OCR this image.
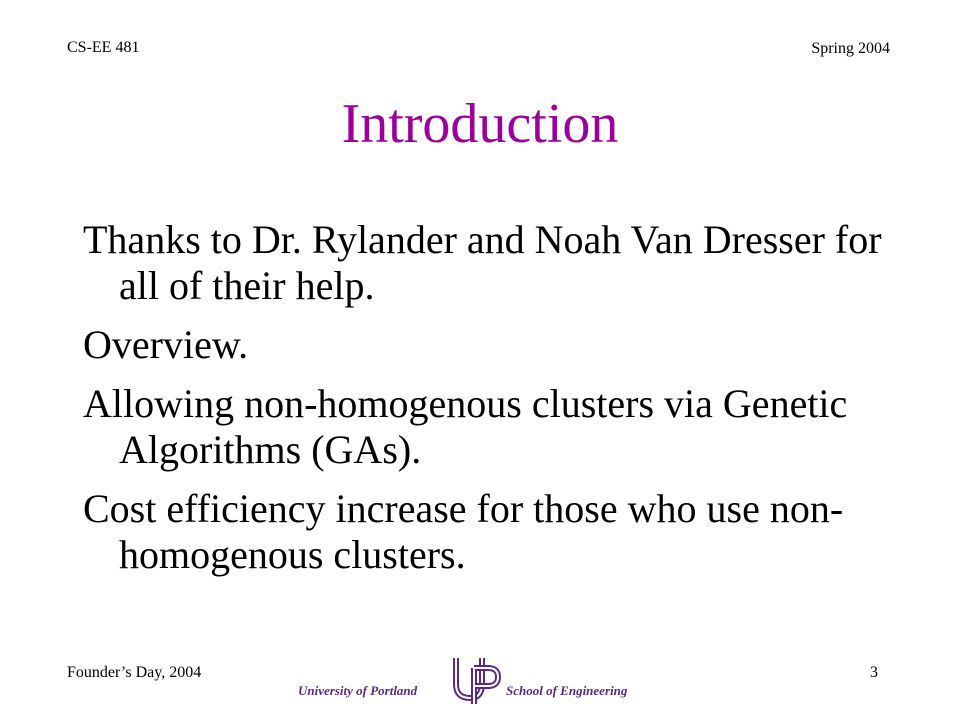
CS-EE 481	Spring 2004
Introduction
Thanks to Dr. Rylander and Noah Van Dresser for all of their help.
Overview.
Allowing non-homogenous clusters via Genetic Algorithms (GAs).
Cost efficiency increase for those who use non-homogenous clusters.
Founder’s Day, 2004	3
University of Portland	School of Engineering
